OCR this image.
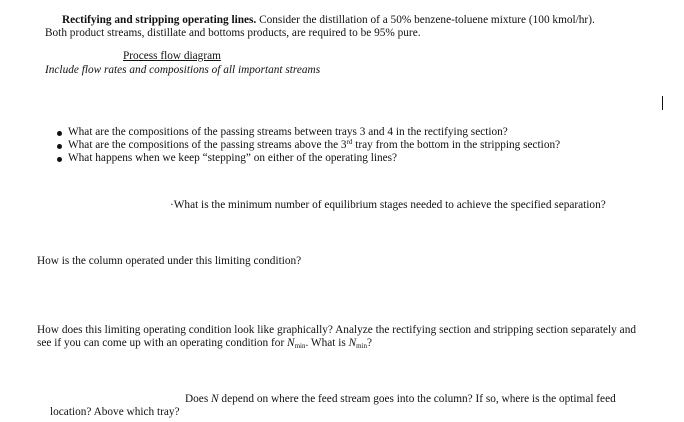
Rectifying and stripping operating lines. Consider the distillation of a 50% benzene-toluene mixture (100 kmol/hr).
Both product streams, distillate and bottoms products, are required to be 95% pure.
Process flow diagram
Include flow rates and compositions of all important streams
What are the compositions of the passing streams between trays 3 and 4 in the rectifying section?
What are the compositions of the passing streams above the 3rd tray from the bottom in the stripping section?
What happens when we keep “stepping” on either of the operating lines?
·What is the minimum number of equilibrium stages needed to achieve the specified separation?
How is the column operated under this limiting condition?
How does this limiting operating condition look like graphically? Analyze the rectifying section and stripping section separately and see if you can come up with an operating condition for $N_{min}$. What is $N_{min}$?
Does N depend on where the feed stream goes into the column? If so, where is the optimal feed
location? Above which tray?
